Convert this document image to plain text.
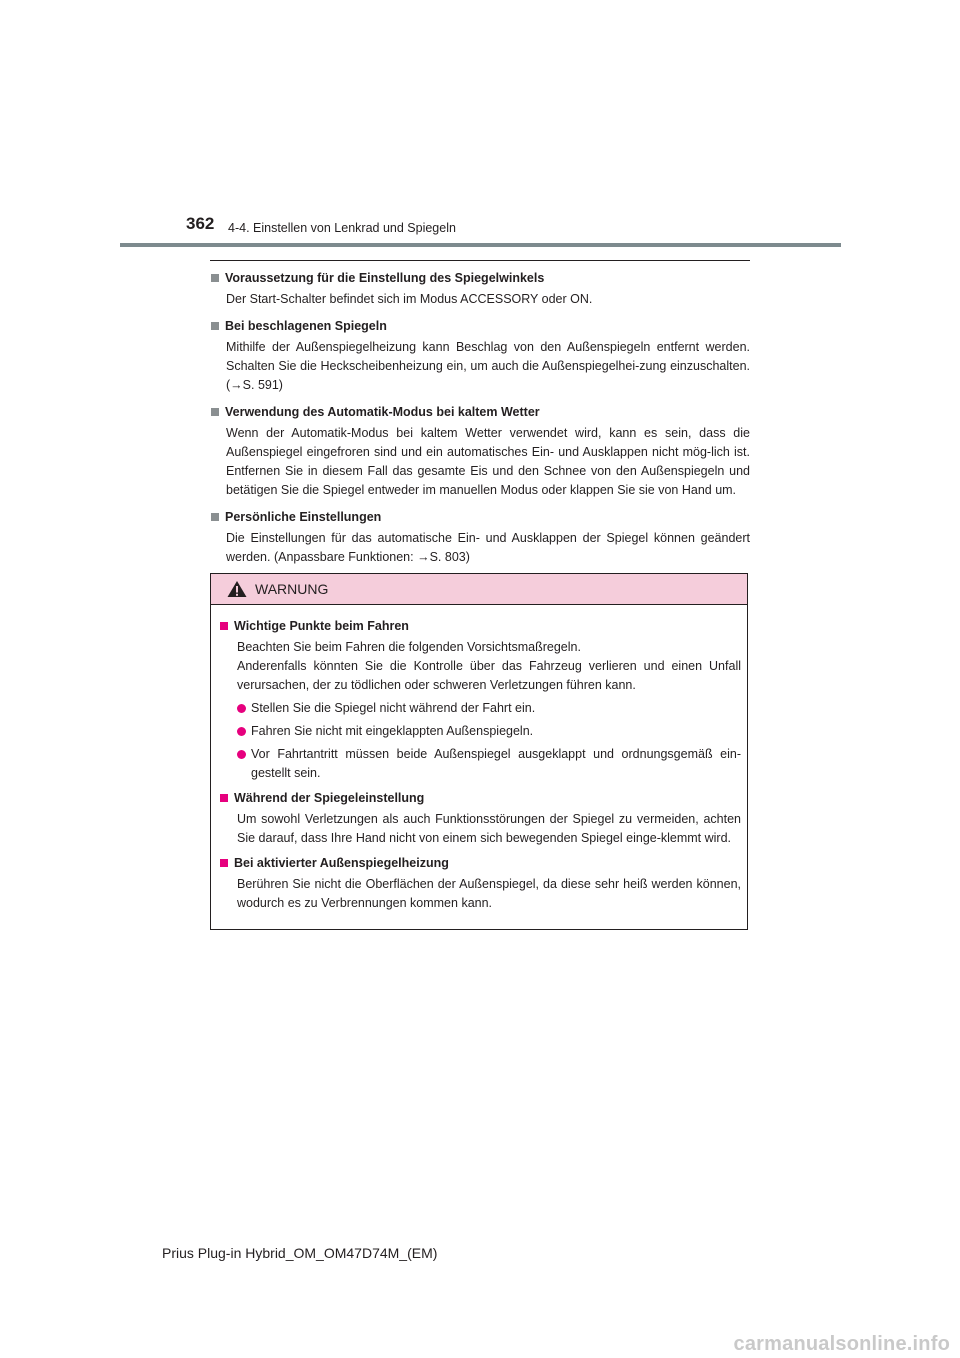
362 4-4. Einstellen von Lenkrad und Spiegeln
Voraussetzung für die Einstellung des Spiegelwinkels
Der Start-Schalter befindet sich im Modus ACCESSORY oder ON.
Bei beschlagenen Spiegeln
Mithilfe der Außenspiegelheizung kann Beschlag von den Außenspiegeln entfernt werden. Schalten Sie die Heckscheibenheizung ein, um auch die Außenspiegelhei-zung einzuschalten. (→S. 591)
Verwendung des Automatik-Modus bei kaltem Wetter
Wenn der Automatik-Modus bei kaltem Wetter verwendet wird, kann es sein, dass die Außenspiegel eingefroren sind und ein automatisches Ein- und Ausklappen nicht mög-lich ist. Entfernen Sie in diesem Fall das gesamte Eis und den Schnee von den Außenspiegeln und betätigen Sie die Spiegel entweder im manuellen Modus oder klappen Sie sie von Hand um.
Persönliche Einstellungen
Die Einstellungen für das automatische Ein- und Ausklappen der Spiegel können geändert werden. (Anpassbare Funktionen: →S. 803)
WARNUNG
Wichtige Punkte beim Fahren
Beachten Sie beim Fahren die folgenden Vorsichtsmaßregeln.
Anderenfalls könnten Sie die Kontrolle über das Fahrzeug verlieren und einen Unfall verursachen, der zu tödlichen oder schweren Verletzungen führen kann.
Stellen Sie die Spiegel nicht während der Fahrt ein.
Fahren Sie nicht mit eingeklappten Außenspiegeln.
Vor Fahrtantritt müssen beide Außenspiegel ausgeklappt und ordnungsgemäß ein-gestellt sein.
Während der Spiegeleinstellung
Um sowohl Verletzungen als auch Funktionsstörungen der Spiegel zu vermeiden, achten Sie darauf, dass Ihre Hand nicht von einem sich bewegenden Spiegel einge-klemmt wird.
Bei aktivierter Außenspiegelheizung
Berühren Sie nicht die Oberflächen der Außenspiegel, da diese sehr heiß werden können, wodurch es zu Verbrennungen kommen kann.
Prius Plug-in Hybrid_OM_OM47D74M_(EM)
carmanualsonline.info
